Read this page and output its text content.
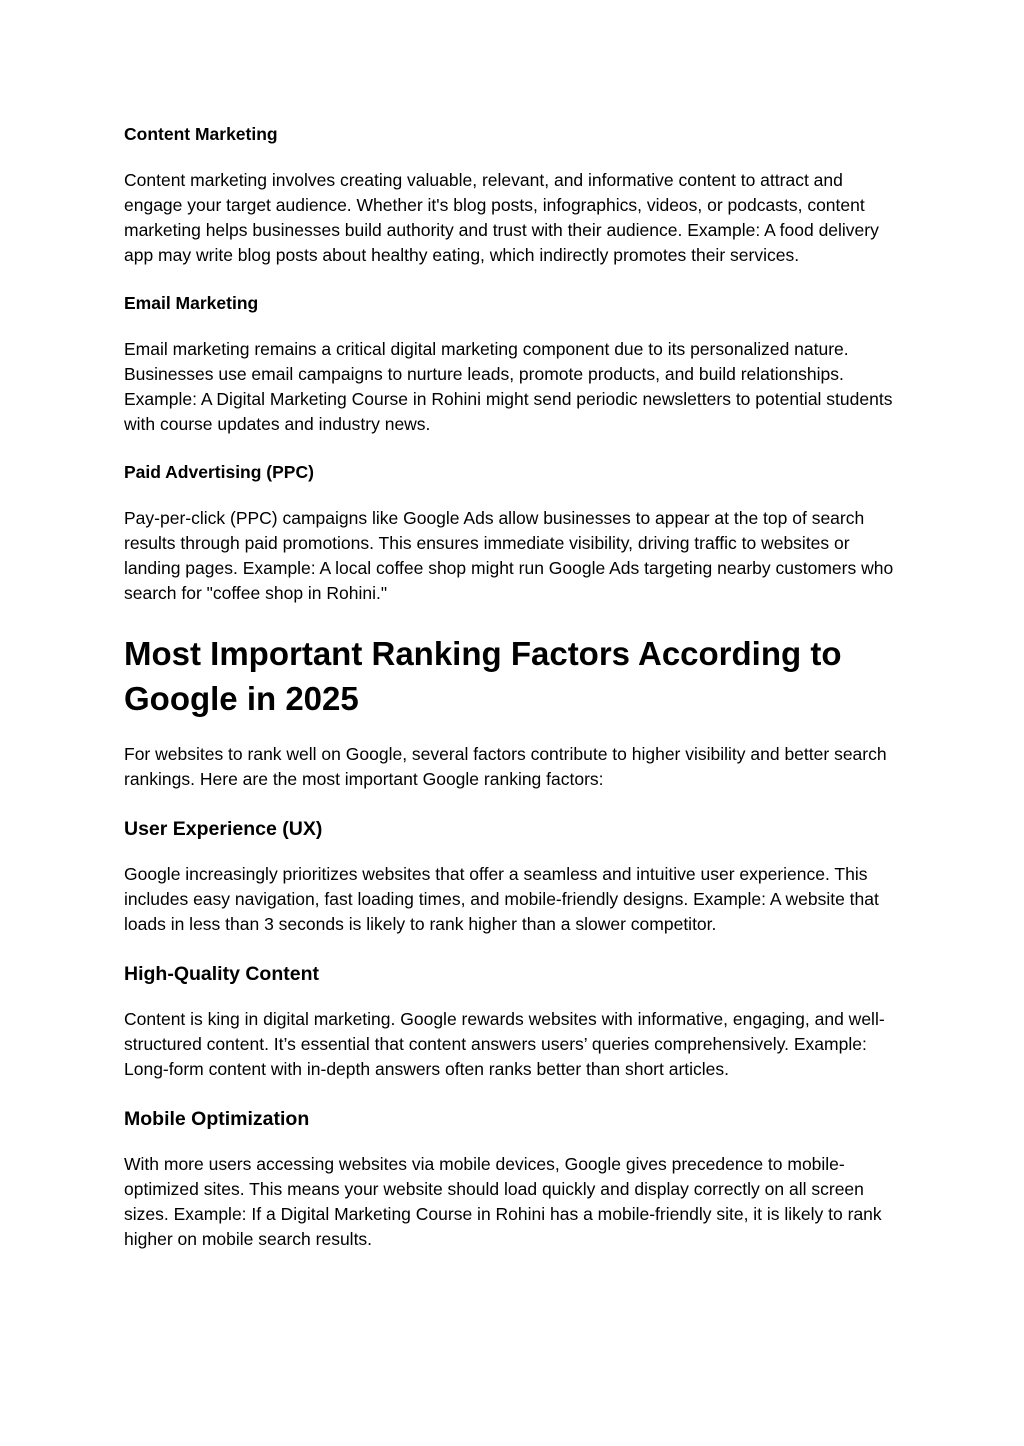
Content Marketing
Content marketing involves creating valuable, relevant, and informative content to attract and engage your target audience. Whether it's blog posts, infographics, videos, or podcasts, content marketing helps businesses build authority and trust with their audience. Example: A food delivery app may write blog posts about healthy eating, which indirectly promotes their services.
Email Marketing
Email marketing remains a critical digital marketing component due to its personalized nature. Businesses use email campaigns to nurture leads, promote products, and build relationships. Example: A Digital Marketing Course in Rohini might send periodic newsletters to potential students with course updates and industry news.
Paid Advertising (PPC)
Pay-per-click (PPC) campaigns like Google Ads allow businesses to appear at the top of search results through paid promotions. This ensures immediate visibility, driving traffic to websites or landing pages. Example: A local coffee shop might run Google Ads targeting nearby customers who search for "coffee shop in Rohini."
Most Important Ranking Factors According to Google in 2025
For websites to rank well on Google, several factors contribute to higher visibility and better search rankings. Here are the most important Google ranking factors:
User Experience (UX)
Google increasingly prioritizes websites that offer a seamless and intuitive user experience. This includes easy navigation, fast loading times, and mobile-friendly designs. Example: A website that loads in less than 3 seconds is likely to rank higher than a slower competitor.
High-Quality Content
Content is king in digital marketing. Google rewards websites with informative, engaging, and well-structured content. It’s essential that content answers users’ queries comprehensively. Example: Long-form content with in-depth answers often ranks better than short articles.
Mobile Optimization
With more users accessing websites via mobile devices, Google gives precedence to mobile-optimized sites. This means your website should load quickly and display correctly on all screen sizes. Example: If a Digital Marketing Course in Rohini has a mobile-friendly site, it is likely to rank higher on mobile search results.
